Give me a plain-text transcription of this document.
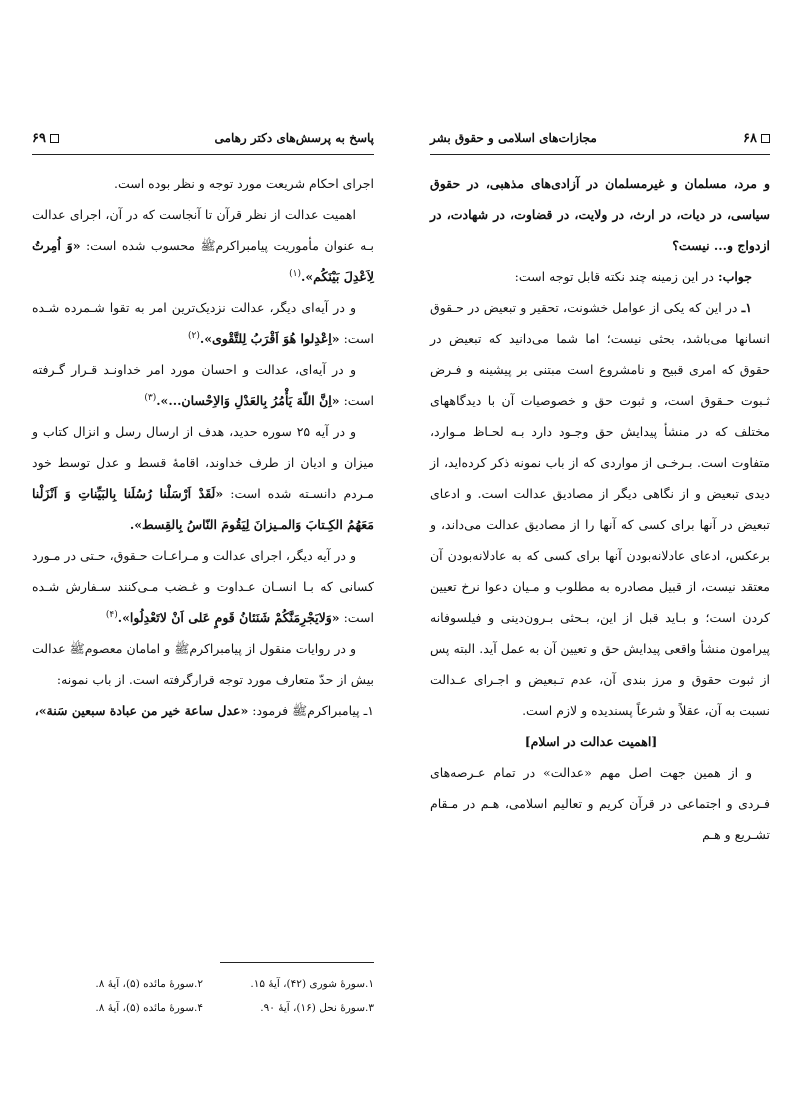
۶۹	پاسخ به پرسش‌های دکتر رهامی

اجرای احکام شریعت مورد توجه و نظر بوده است.

اهمیت عدالت از نظر قرآن تا آنجاست که در آن، اجرای عدالت بـه عنوان مأموریت پیامبراکرمﷺ محسوب شده است: «وَ اُمِرتُ لِاَعْدِلَ بَیْنَکُم».$^{(۱)}$

و در آیه‌ای دیگر، عدالت نزدیک‌ترین امر به تقوا شـمرده شـده است: «اِعْدِلوا هُوَ اَقْرَبُ لِلتَّقْوی».$^{(۲)}$

و در آیه‌ای، عدالت و احسان مورد امر خداونـد قـرار گـرفته است: «اِنَّ اللّهَ یَأْمُرُ بِالعَدْلِ وَالاِحْسان...».$^{(۳)}$

و در آیه ۲۵ سوره حدید، هدف از ارسال رسل و انزال کتاب و میزان و ادیان از طرف خداوند، اقامهٔ قسط و عدل توسط خود مـردم دانسـته شده است: «لَقَدْ اَرْسَلْنا رُسُلَنا بِالبَیِّناتِ وَ اَنْزَلْنا مَعَهُمُ الکِـتابَ وَالمـیزانَ لِیَقُومَ النّاسُ بِالقِسط».

و در آیه دیگر، اجرای عدالت و مـراعـات حـقوق، حـتی در مـورد کسانی که بـا انسـان عـداوت و غـضب مـی‌کنند سـفارش شـده است: «وَلایَجْرِمَنَّکُمْ شَنَئانُ قَومٍ عَلی اَنْ لاتَعْدِلُوا».$^{(۴)}$

و در روایات منقول از پیامبراکرمﷺ و امامان معصومﷺ عدالت بیش از حدّ متعارف مورد توجه قرارگرفته است. از باب نمونه:

۱ـ پیامبراکرمﷺ فرمود: «عدل ساعة خیر من عبادة سبعین سَنة»،

۱.سورهٔ شوری (۴۲)، آیهٔ ۱۵.
۲.سورهٔ مائده (۵)، آیهٔ ۸.
۳.سورهٔ نحل (۱۶)، آیهٔ ۹۰.
۴.سورهٔ مائده (۵)، آیهٔ ۸.
مجازات‌های اسلامی و حقوق بشر	۶۸

و مرد، مسلمان و غیرمسلمان در آزادی‌های مذهبی، در حقوق سیاسی، در دیات، در ارث، در ولایت، در قضاوت، در شهادت، در ازدواج و... نیست؟

جواب: در این زمینه چند نکته قابل توجه است:

۱ـ در این که یکی از عوامل خشونت، تحقیر و تبعیض در حـقوق انسانها می‌باشد، بحثی نیست؛ اما شما می‌دانید که تبعیض در حقوق که امری قبیح و نامشروع است مبتنی بر پیشینه و فـرض ثـبوت حـقوق است، و ثبوت حق و خصوصیات آن با دیدگاههای مختلف که در منشأ پیدایش حق وجـود دارد بـه لحـاظ مـوارد، متفاوت است. بـرخـی از مواردی که از باب نمونه ذکر کرده‌اید، از دیدی تبعیض و از نگاهی دیگر از مصادیق عدالت است. و ادعای تبعیض در آنها برای کسی که آنها را از مصادیق عدالت می‌داند، و برعکس، ادعای عادلانه‌بودن آنها برای کسی که به عادلانه‌بودن آن معتقد نیست، از قبیل مصادره به مطلوب و مـیان دعوا نرخ تعیین کردن است؛ و بـاید قبل از این، بـحثی بـرون‌دینی و فیلسوفانه پیرامون منشأ واقعی پیدایش حق و تعیین آن به عمل آید. البته پس از ثبوت حقوق و مرز بندی آن، عدم تـبعیض و اجـرای عـدالت نسبت به آن، عقلاً و شرعاً پسندیده و لازم است.

[اهمیت عدالت در اسلام]

و از همین جهت اصل مهم «عدالت» در تمام عـرصه‌های فـردی و اجتماعی در قرآن کریم و تعالیم اسلامی، هـم در مـقام تشـریع و هـم
